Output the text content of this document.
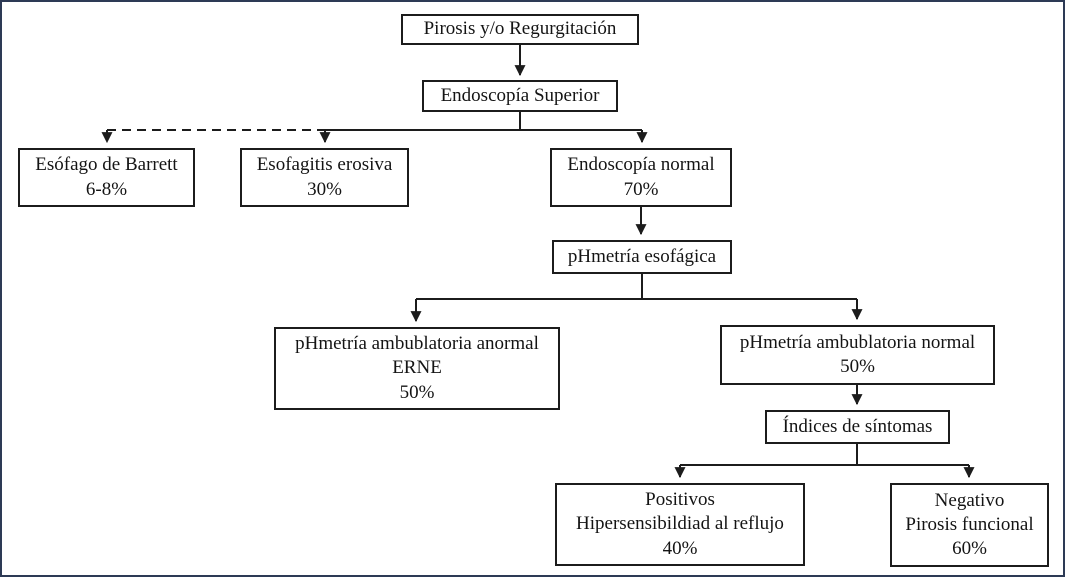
Pirosis y/o Regurgitación
Endoscopía Superior
Esófago de Barrett
6-8%
Esofagitis erosiva
30%
Endoscopía normal
70%
pHmetría esofágica
pHmetría ambublatoria anormal
ERNE
50%
pHmetría ambublatoria normal
50%
Índices de síntomas
Positivos
Hipersensibildiad al reflujo
40%
Negativo
Pirosis funcional
60%
